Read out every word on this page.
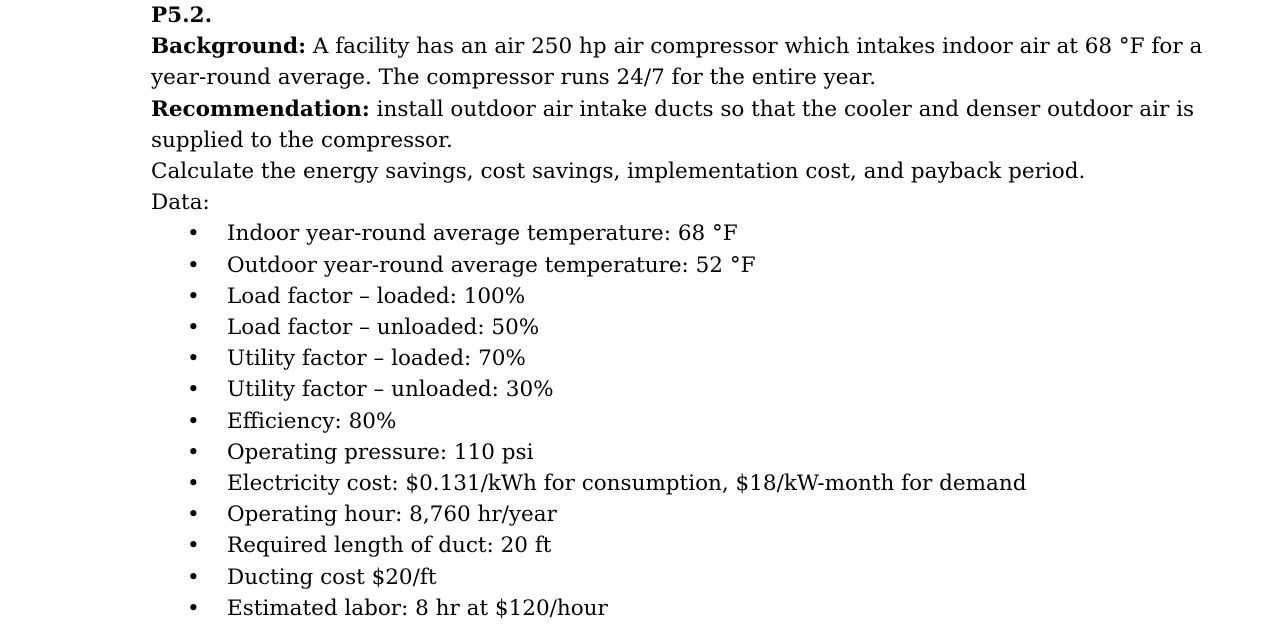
P5.2.

Background: A facility has an air 250 hp air compressor which intakes indoor air at 68 °F for a year-round average. The compressor runs 24/7 for the entire year.

Recommendation: install outdoor air intake ducts so that the cooler and denser outdoor air is supplied to the compressor.

Calculate the energy savings, cost savings, implementation cost, and payback period.

Data:

• Indoor year-round average temperature: 68 °F
• Outdoor year-round average temperature: 52 °F
• Load factor – loaded: 100%
• Load factor – unloaded: 50%
• Utility factor – loaded: 70%
• Utility factor – unloaded: 30%
• Efficiency: 80%
• Operating pressure: 110 psi
• Electricity cost: $0.131/kWh for consumption, $18/kW-month for demand
• Operating hour: 8,760 hr/year
• Required length of duct: 20 ft
• Ducting cost $20/ft
• Estimated labor: 8 hr at $120/hour
